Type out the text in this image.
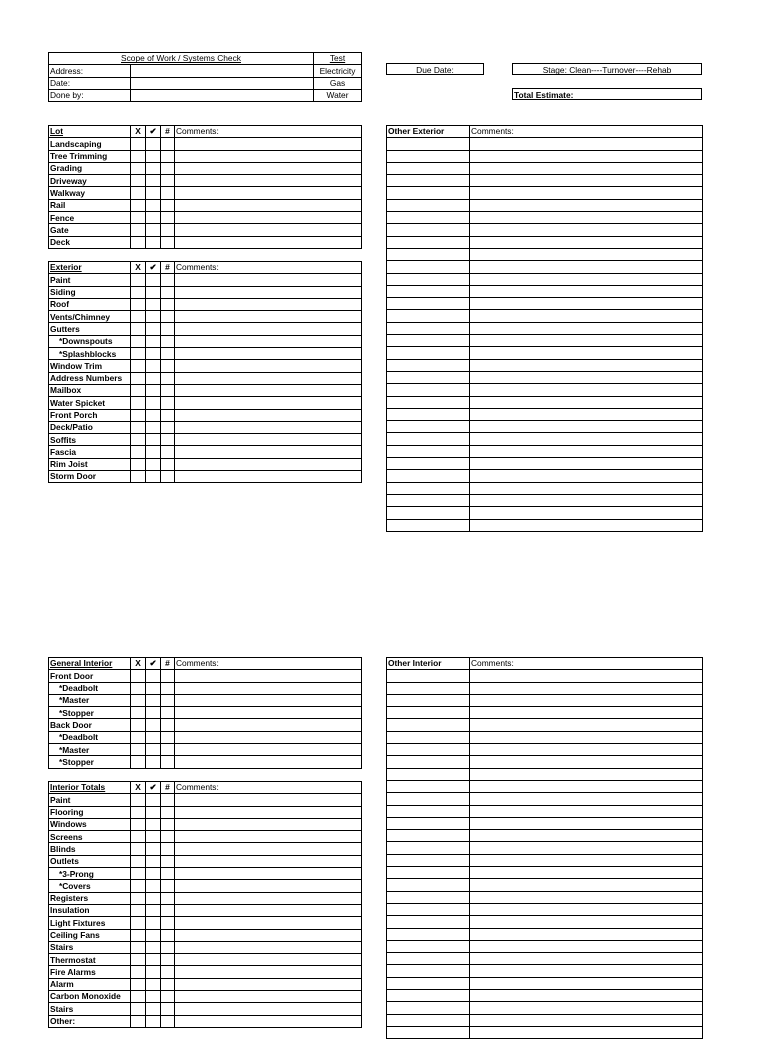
Scope of Work / Systems Check		Test
Address:		Electricity
Date:		Gas
Done by:		Water
Due Date:	Stage: Clean----Turnover----Rehab
Total Estimate:
Lot	X	✔	#	Comments:
Landscaping				
Tree Trimming				
Grading				
Driveway				
Walkway				
Rail				
Fence				
Gate				
Deck				
Exterior	X	✔	#	Comments:
Paint				
Siding				
Roof				
Vents/Chimney				
Gutters				
*Downspouts				
*Splashblocks				
Window Trim				
Address Numbers				
Mailbox				
Water Spicket				
Front Porch				
Deck/Patio				
Soffits				
Fascia				
Rim Joist				
Storm Door				
General Interior	X	✔	#	Comments:
Front Door				
*Deadbolt				
*Master				
*Stopper				
Back Door				
*Deadbolt				
*Master				
*Stopper				
Interior Totals	X	✔	#	Comments:
Paint				
Flooring				
Windows				
Screens				
Blinds				
Outlets				
*3-Prong				
*Covers				
Registers				
Insulation				
Light Fixtures				
Ceiling Fans				
Stairs				
Thermostat				
Fire Alarms				
Alarm				
Carbon Monoxide				
Stairs				
Other:				
Other Exterior	Comments:

Other Interior	Comments:
